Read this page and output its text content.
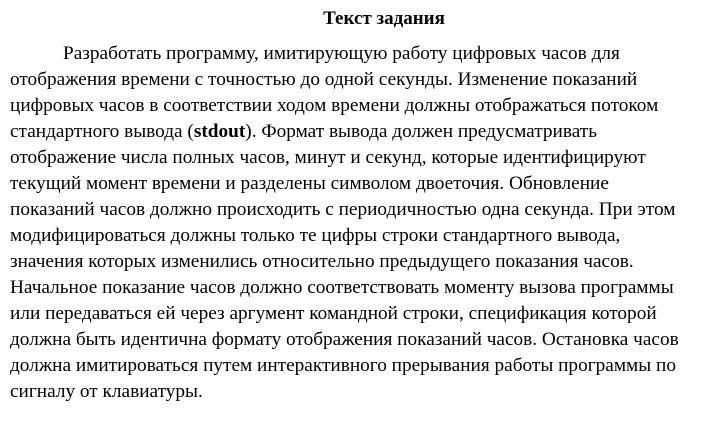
Текст задания
Разработать программу, имитирующую работу цифровых часов для
отображения времени с точностью до одной секунды. Изменение показаний
цифровых часов в соответствии ходом времени должны отображаться потоком
стандартного вывода (stdout). Формат вывода должен предусматривать
отображение числа полных часов, минут и секунд, которые идентифицируют
текущий момент времени и разделены символом двоеточия. Обновление
показаний часов должно происходить с периодичностью одна секунда. При этом
модифицироваться должны только те цифры строки стандартного вывода,
значения которых изменились относительно предыдущего показания часов.
Начальное показание часов должно соответствовать моменту вызова программы
или передаваться ей через аргумент командной строки, спецификация которой
должна быть идентична формату отображения показаний часов. Остановка часов
должна имитироваться путем интерактивного прерывания работы программы по
сигналу от клавиатуры.
